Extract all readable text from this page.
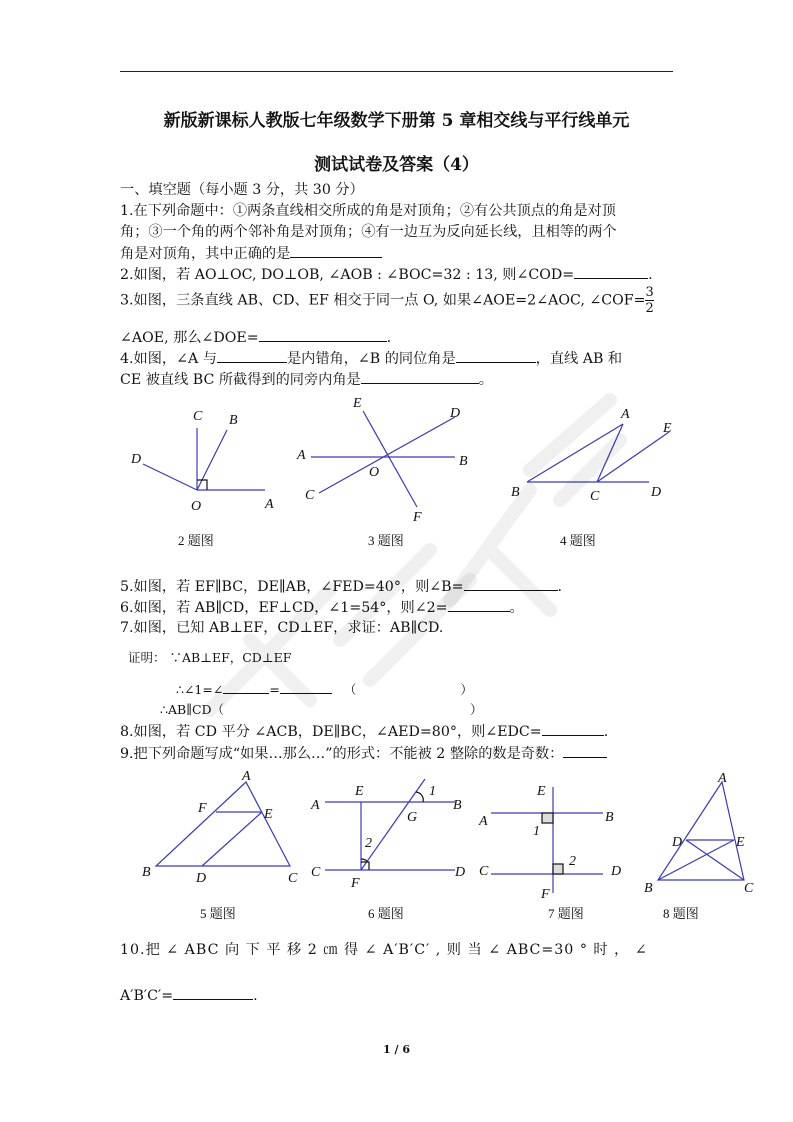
新版新课标人教版七年级数学下册第 5 章相交线与平行线单元
测试试卷及答案（4）
一、填空题（每小题 3 分，共 30 分）
1.在下列命题中：①两条直线相交所成的角是对顶角；②有公共顶点的角是对顶
角；③一个角的两个邻补角是对顶角；④有一边互为反向延长线，且相等的两个
角是对顶角，其中正确的是
2.如图，若 AO⊥OC, DO⊥OB, ∠AOB : ∠BOC=32 : 13, 则∠COD=	.
3.如图，三条直线 AB、CD、EF 相交于同一点 O, 如果∠AOE=2∠AOC, ∠COF= $\frac{3}{2}$
∠AOE, 那么∠DOE=	.
4.如图，∠A 与	是内错角，∠B 的同位角是	，直线 AB 和
CE 被直线 BC 所截得到的同旁内角是	。
C B
D
O	A
2 题图
E
D
A	B
O
C
F
3 题图
A
E
B	C	D
4 题图
5.如图，若 EF∥BC，DE∥AB，∠FED=40°，则∠B=	.
6.如图，若 AB∥CD，EF⊥CD，∠1=54°，则∠2=	。
7.如图，已知 AB⊥EF，CD⊥EF，求证：AB∥CD.
证明： ∵AB⊥EF，CD⊥EF
∴∠1=∠	=	（	）
∴AB∥CD（	）
8.如图，若 CD 平分 ∠ACB，DE∥BC，∠AED=80°，则∠EDC=	.
9.把下列命题写成“如果…那么…”的形式：不能被 2 整除的数是奇数：
A
F	E
B	D	C
5 题图
E	1
A	B
G
2
C
F
D
6 题图
E
A	B
1
2
C	D
F
7 题图
A
D	E
B	C
8 题图
10.把 ∠ ABC 向 下 平 移 2 ㎝ 得 ∠ A′B′C′ , 则 当 ∠ ABC=30 ° 时 ， ∠
A′B′C′=	.
1 / 6
